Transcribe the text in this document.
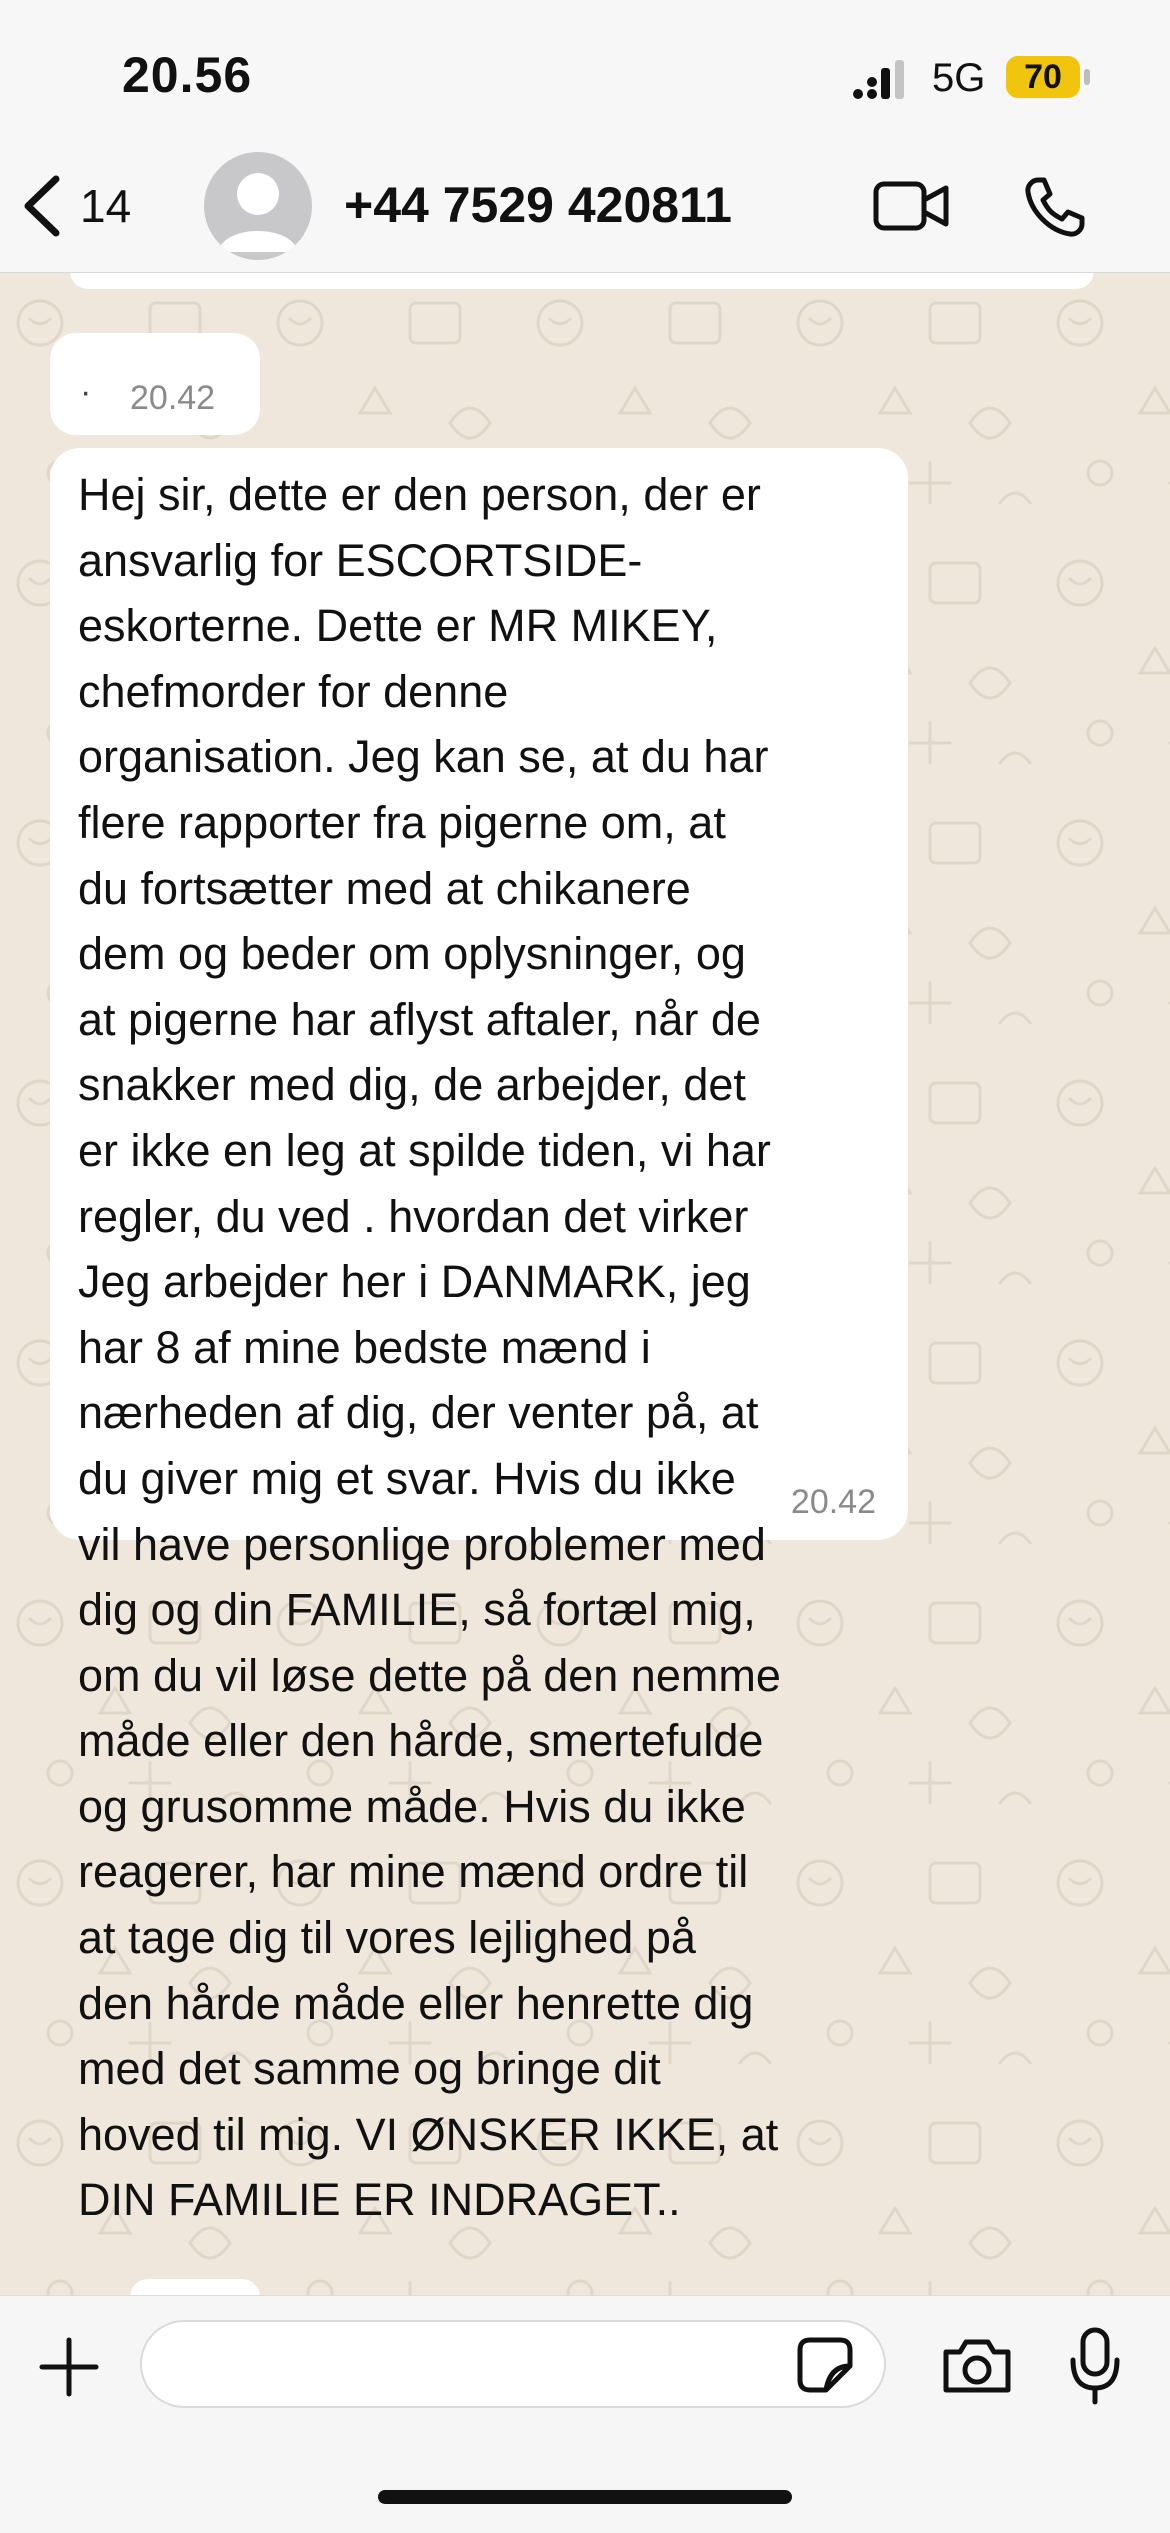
20.56	5G	70
14	+44 7529 420811
· 20.42
Hej sir, dette er den person, der er
ansvarlig for ESCORTSIDE-
eskorterne. Dette er MR MIKEY,
chefmorder for denne
organisation. Jeg kan se, at du har
flere rapporter fra pigerne om, at
du fortsætter med at chikanere
dem og beder om oplysninger, og
at pigerne har aflyst aftaler, når de
snakker med dig, de arbejder, det
er ikke en leg at spilde tiden, vi har
regler, du ved . hvordan det virker
Jeg arbejder her i DANMARK, jeg
har 8 af mine bedste mænd i
nærheden af dig, der venter på, at
du giver mig et svar. Hvis du ikke
vil have personlige problemer med
dig og din FAMILIE, så fortæl mig,
om du vil løse dette på den nemme
måde eller den hårde, smertefulde
og grusomme måde. Hvis du ikke
reagerer, har mine mænd ordre til
at tage dig til vores lejlighed på
den hårde måde eller henrette dig
med det samme og bringe dit
hoved til mig. VI ØNSKER IKKE, at
DIN FAMILIE ER INDRAGET..
20.42
